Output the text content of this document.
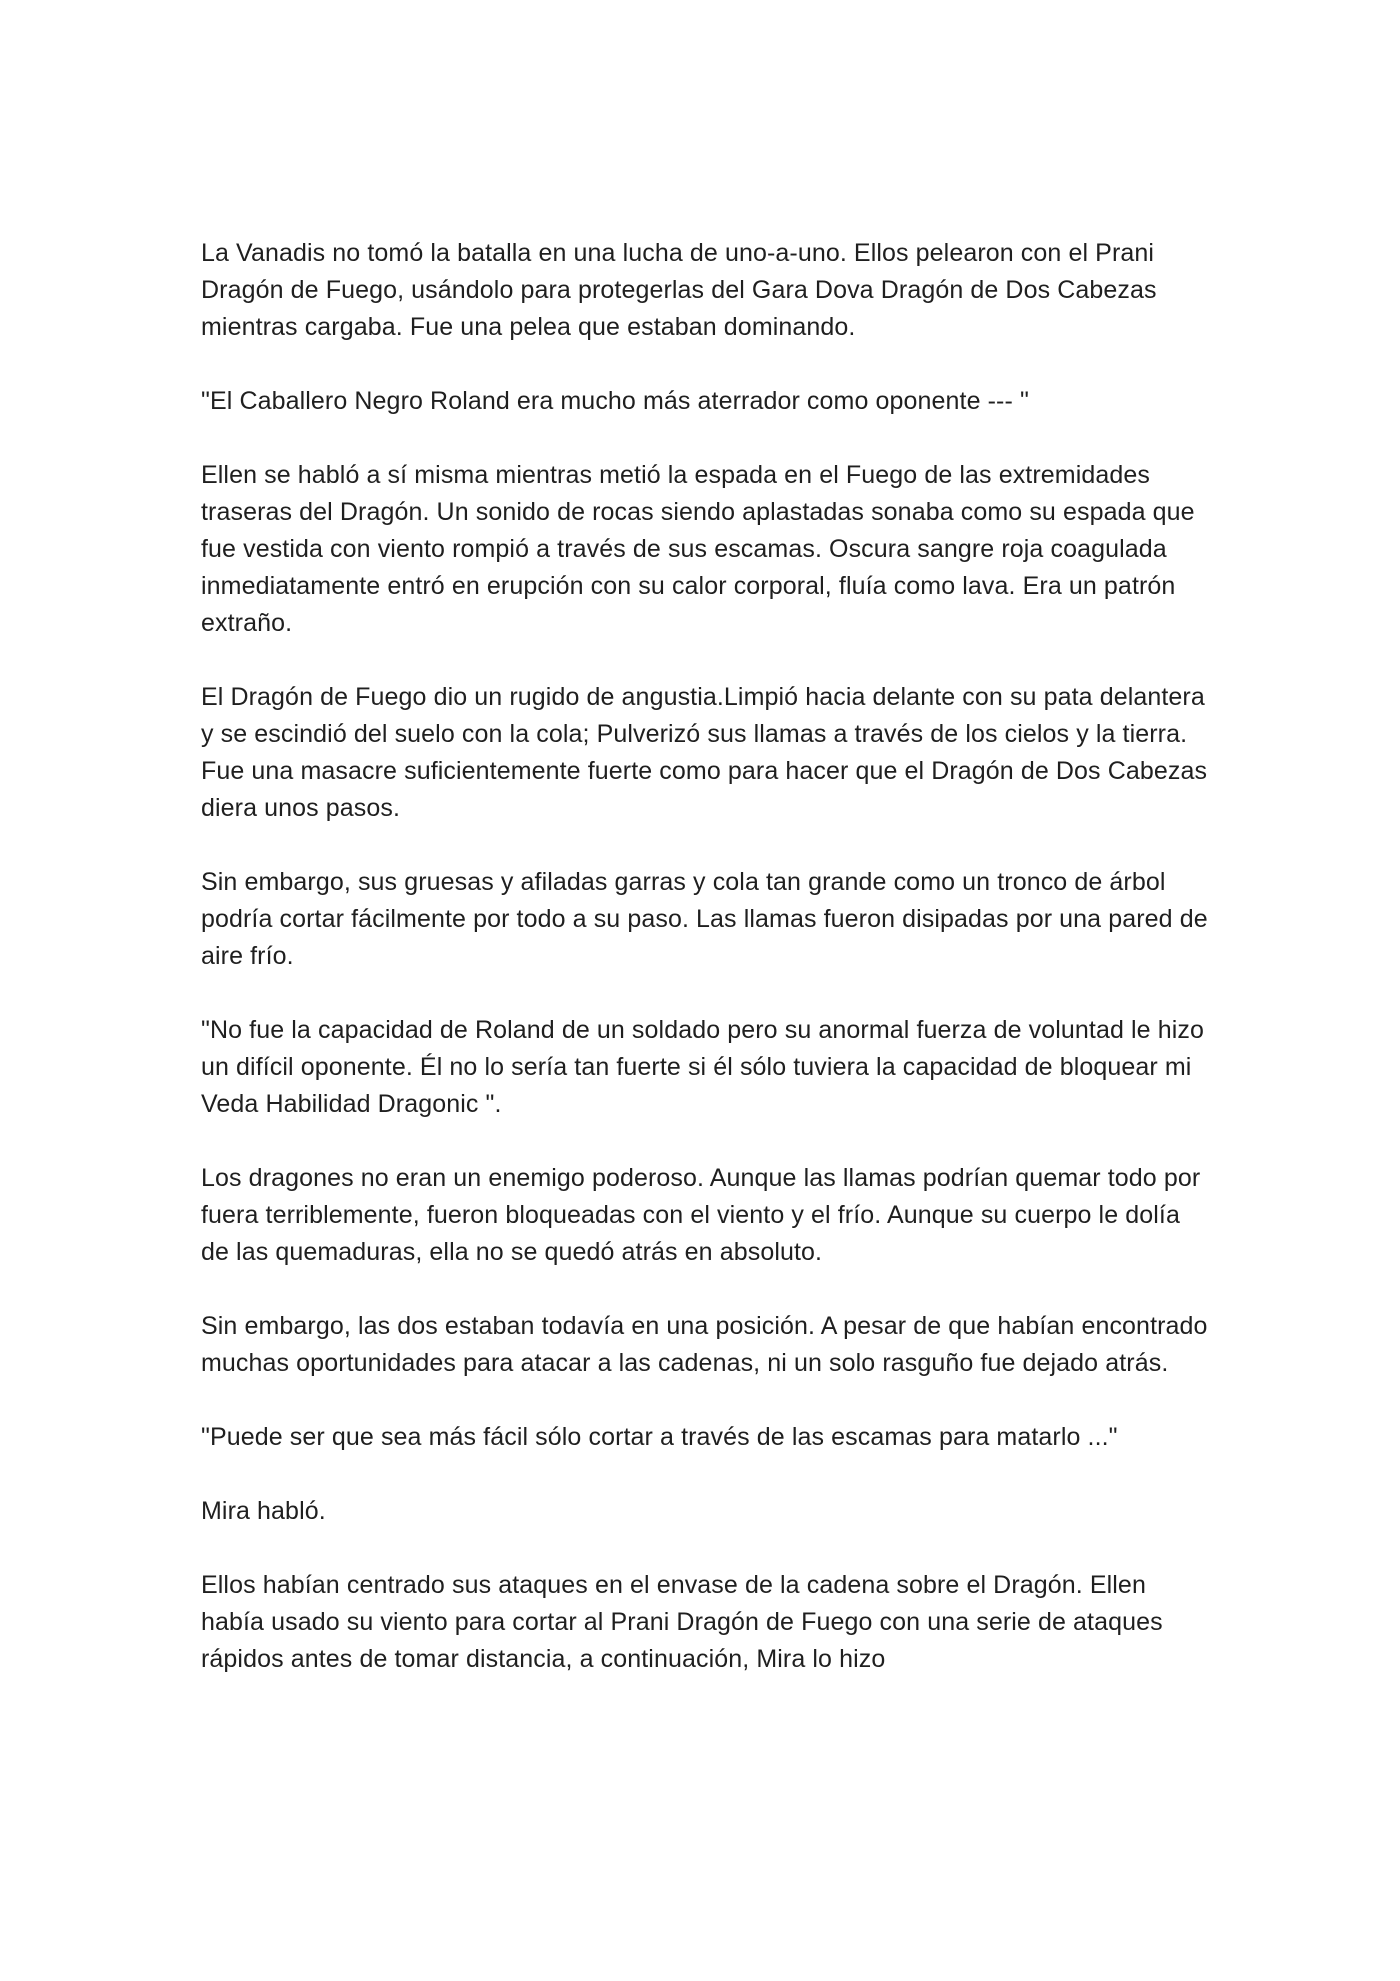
La Vanadis no tomó la batalla en una lucha de uno-a-uno. Ellos pelearon con el Prani Dragón de Fuego, usándolo para protegerlas del Gara Dova Dragón de Dos Cabezas mientras cargaba. Fue una pelea que estaban dominando.

"El Caballero Negro Roland era mucho más aterrador como oponente --- "

Ellen se habló a sí misma mientras metió la espada en el Fuego de las extremidades traseras del Dragón. Un sonido de rocas siendo aplastadas sonaba como su espada que fue vestida con viento rompió a través de sus escamas. Oscura sangre roja coagulada inmediatamente entró en erupción con su calor corporal, fluía como lava. Era un patrón extraño.

El Dragón de Fuego dio un rugido de angustia.Limpió hacia delante con su pata delantera y se escindió del suelo con la cola; Pulverizó sus llamas a través de los cielos y la tierra. Fue una masacre suficientemente fuerte como para hacer que el Dragón de Dos Cabezas diera unos pasos.

Sin embargo, sus gruesas y afiladas garras y cola tan grande como un tronco de árbol podría cortar fácilmente por todo a su paso. Las llamas fueron disipadas por una pared de aire frío.

"No fue la capacidad de Roland de un soldado pero su anormal fuerza de voluntad le hizo un difícil oponente. Él no lo sería tan fuerte si él sólo tuviera la capacidad de bloquear mi Veda Habilidad Dragonic ".

Los dragones no eran un enemigo poderoso. Aunque las llamas podrían quemar todo por fuera terriblemente, fueron bloqueadas con el viento y el frío. Aunque su cuerpo le dolía de las quemaduras, ella no se quedó atrás en absoluto.

Sin embargo, las dos estaban todavía en una posición. A pesar de que habían encontrado muchas oportunidades para atacar a las cadenas, ni un solo rasguño fue dejado atrás.

"Puede ser que sea más fácil sólo cortar a través de las escamas para matarlo ..."

Mira habló.

Ellos habían centrado sus ataques en el envase de la cadena sobre el Dragón. Ellen había usado su viento para cortar al Prani Dragón de Fuego con una serie de ataques rápidos antes de tomar distancia, a continuación, Mira lo hizo
